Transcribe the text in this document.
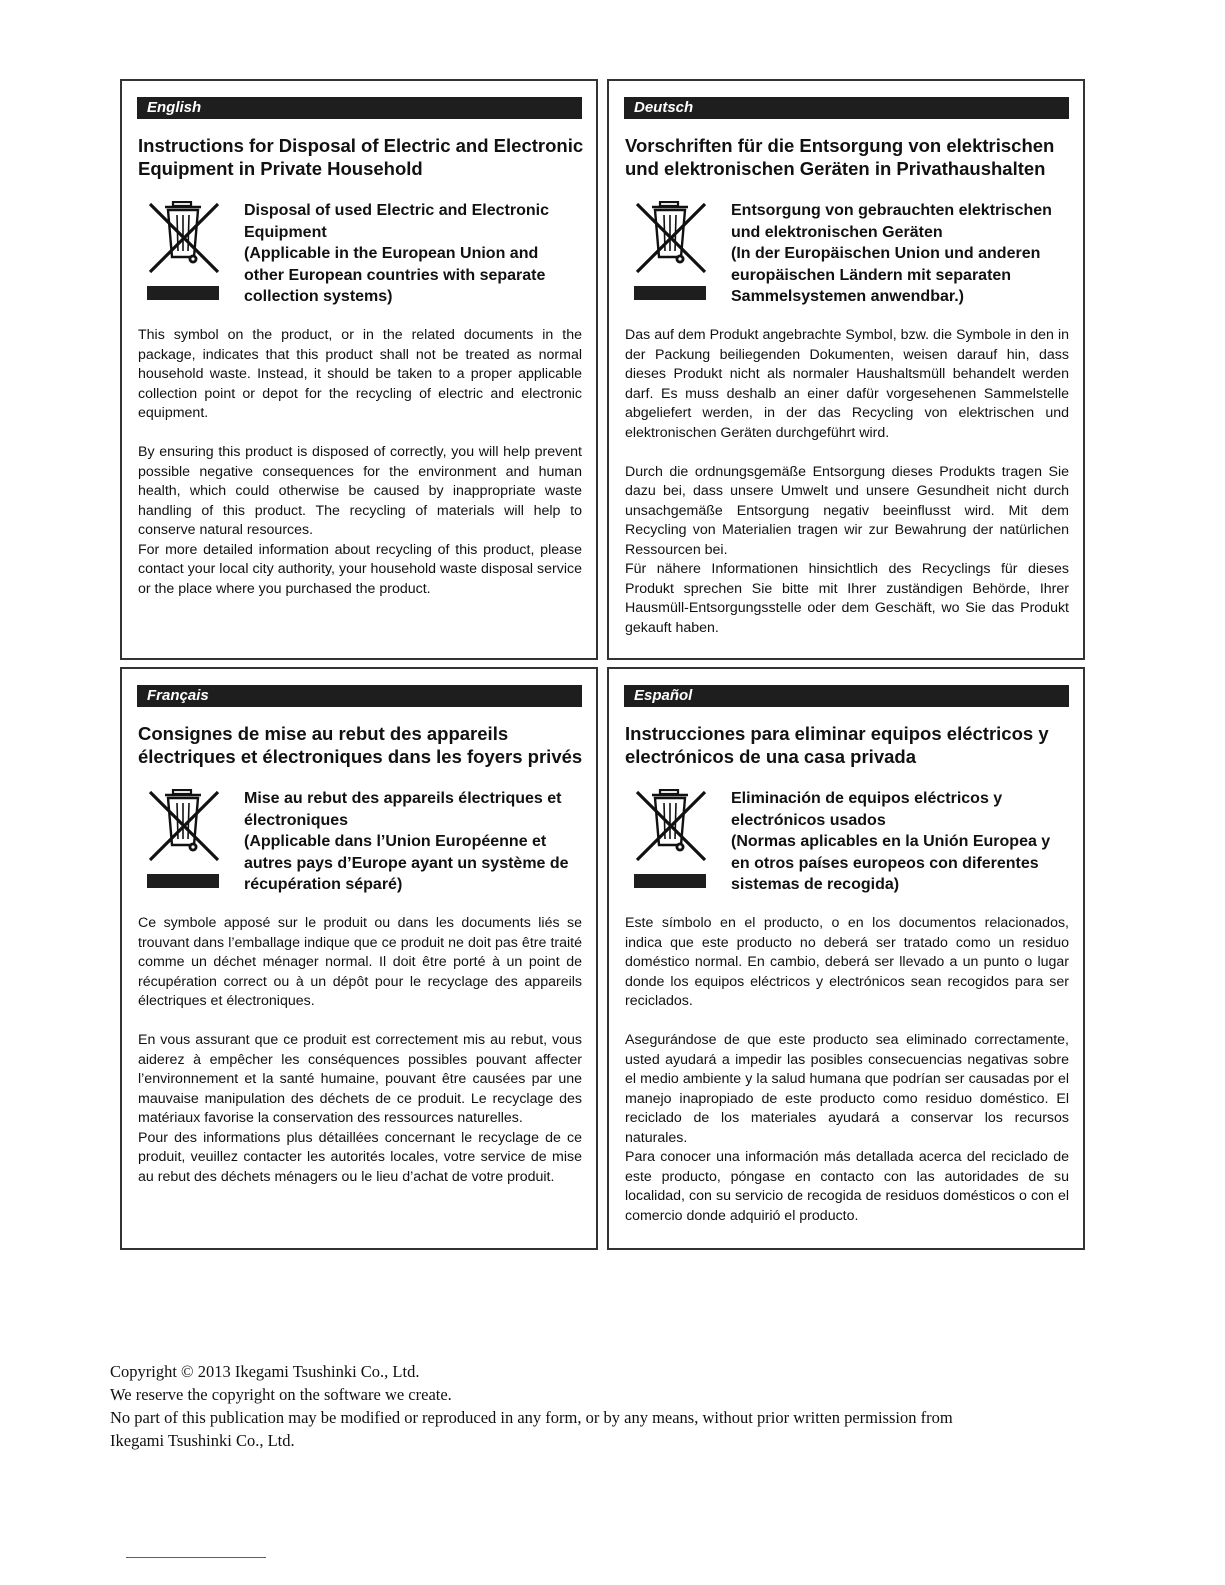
English
Instructions for Disposal of Electric and Electronic
Equipment in Private Household
Disposal of used Electric and Electronic
Equipment
(Applicable in the European Union and
other European countries with separate
collection systems)

This symbol on the product, or in the related documents in the package, indicates that this product shall not be treated as normal household waste. Instead, it should be taken to a proper applicable collection point or depot for the recycling of electric and electronic equipment.

By ensuring this product is disposed of correctly, you will help prevent possible negative consequences for the environment and human health, which could otherwise be caused by inappropriate waste handling of this product. The recycling of materials will help to conserve natural resources.

For more detailed information about recycling of this product, please contact your local city authority, your household waste disposal service or the place where you purchased the product.

Deutsch
Vorschriften für die Entsorgung von elektrischen
und elektronischen Geräten in Privathaushalten
Entsorgung von gebrauchten elektrischen
und elektronischen Geräten
(In der Europäischen Union und anderen
europäischen Ländern mit separaten
Sammelsystemen anwendbar.)

Das auf dem Produkt angebrachte Symbol, bzw. die Symbole in den in der Packung beiliegenden Dokumenten, weisen darauf hin, dass dieses Produkt nicht als normaler Haushaltsmüll behandelt werden darf. Es muss deshalb an einer dafür vorgesehenen Sammelstelle abgeliefert werden, in der das Recycling von elektrischen und elektronischen Geräten durchgeführt wird.

Durch die ordnungsgemäße Entsorgung dieses Produkts tragen Sie dazu bei, dass unsere Umwelt und unsere Gesundheit nicht durch unsachgemäße Entsorgung negativ beeinflusst wird. Mit dem Recycling von Materialien tragen wir zur Bewahrung der natürlichen Ressourcen bei.

Für nähere Informationen hinsichtlich des Recyclings für dieses Produkt sprechen Sie bitte mit Ihrer zuständigen Behörde, Ihrer Hausmüll-Entsorgungsstelle oder dem Geschäft, wo Sie das Produkt gekauft haben.

Français
Consignes de mise au rebut des appareils
électriques et électroniques dans les foyers privés
Mise au rebut des appareils électriques et
électroniques
(Applicable dans l’Union Européenne et
autres pays d’Europe ayant un système de
récupération séparé)

Ce symbole apposé sur le produit ou dans les documents liés se trouvant dans l’emballage indique que ce produit ne doit pas être traité comme un déchet ménager normal. Il doit être porté à un point de récupération correct ou à un dépôt pour le recyclage des appareils électriques et électroniques.

En vous assurant que ce produit est correctement mis au rebut, vous aiderez à empêcher les conséquences possibles pouvant affecter l’environnement et la santé humaine, pouvant être causées par une mauvaise manipulation des déchets de ce produit. Le recyclage des matériaux favorise la conservation des ressources naturelles.

Pour des informations plus détaillées concernant le recyclage de ce produit, veuillez contacter les autorités locales, votre service de mise au rebut des déchets ménagers ou le lieu d’achat de votre produit.

Español
Instrucciones para eliminar equipos eléctricos y
electrónicos de una casa privada
Eliminación de equipos eléctricos y
electrónicos usados
(Normas aplicables en la Unión Europea y
en otros países europeos con diferentes
sistemas de recogida)

Este símbolo en el producto, o en los documentos relacionados, indica que este producto no deberá ser tratado como un residuo doméstico normal. En cambio, deberá ser llevado a un punto o lugar donde los equipos eléctricos y electrónicos sean recogidos para ser reciclados.

Asegurándose de que este producto sea eliminado correctamente, usted ayudará a impedir las posibles consecuencias negativas sobre el medio ambiente y la salud humana que podrían ser causadas por el manejo inapropiado de este producto como residuo doméstico. El reciclado de los materiales ayudará a conservar los recursos naturales.

Para conocer una información más detallada acerca del reciclado de este producto, póngase en contacto con las autoridades de su localidad, con su servicio de recogida de residuos domésticos o con el comercio donde adquirió el producto.

Copyright © 2013 Ikegami Tsushinki Co., Ltd.
We reserve the copyright on the software we create.
No part of this publication may be modified or reproduced in any form, or by any means, without prior written permission from
Ikegami Tsushinki Co., Ltd.
